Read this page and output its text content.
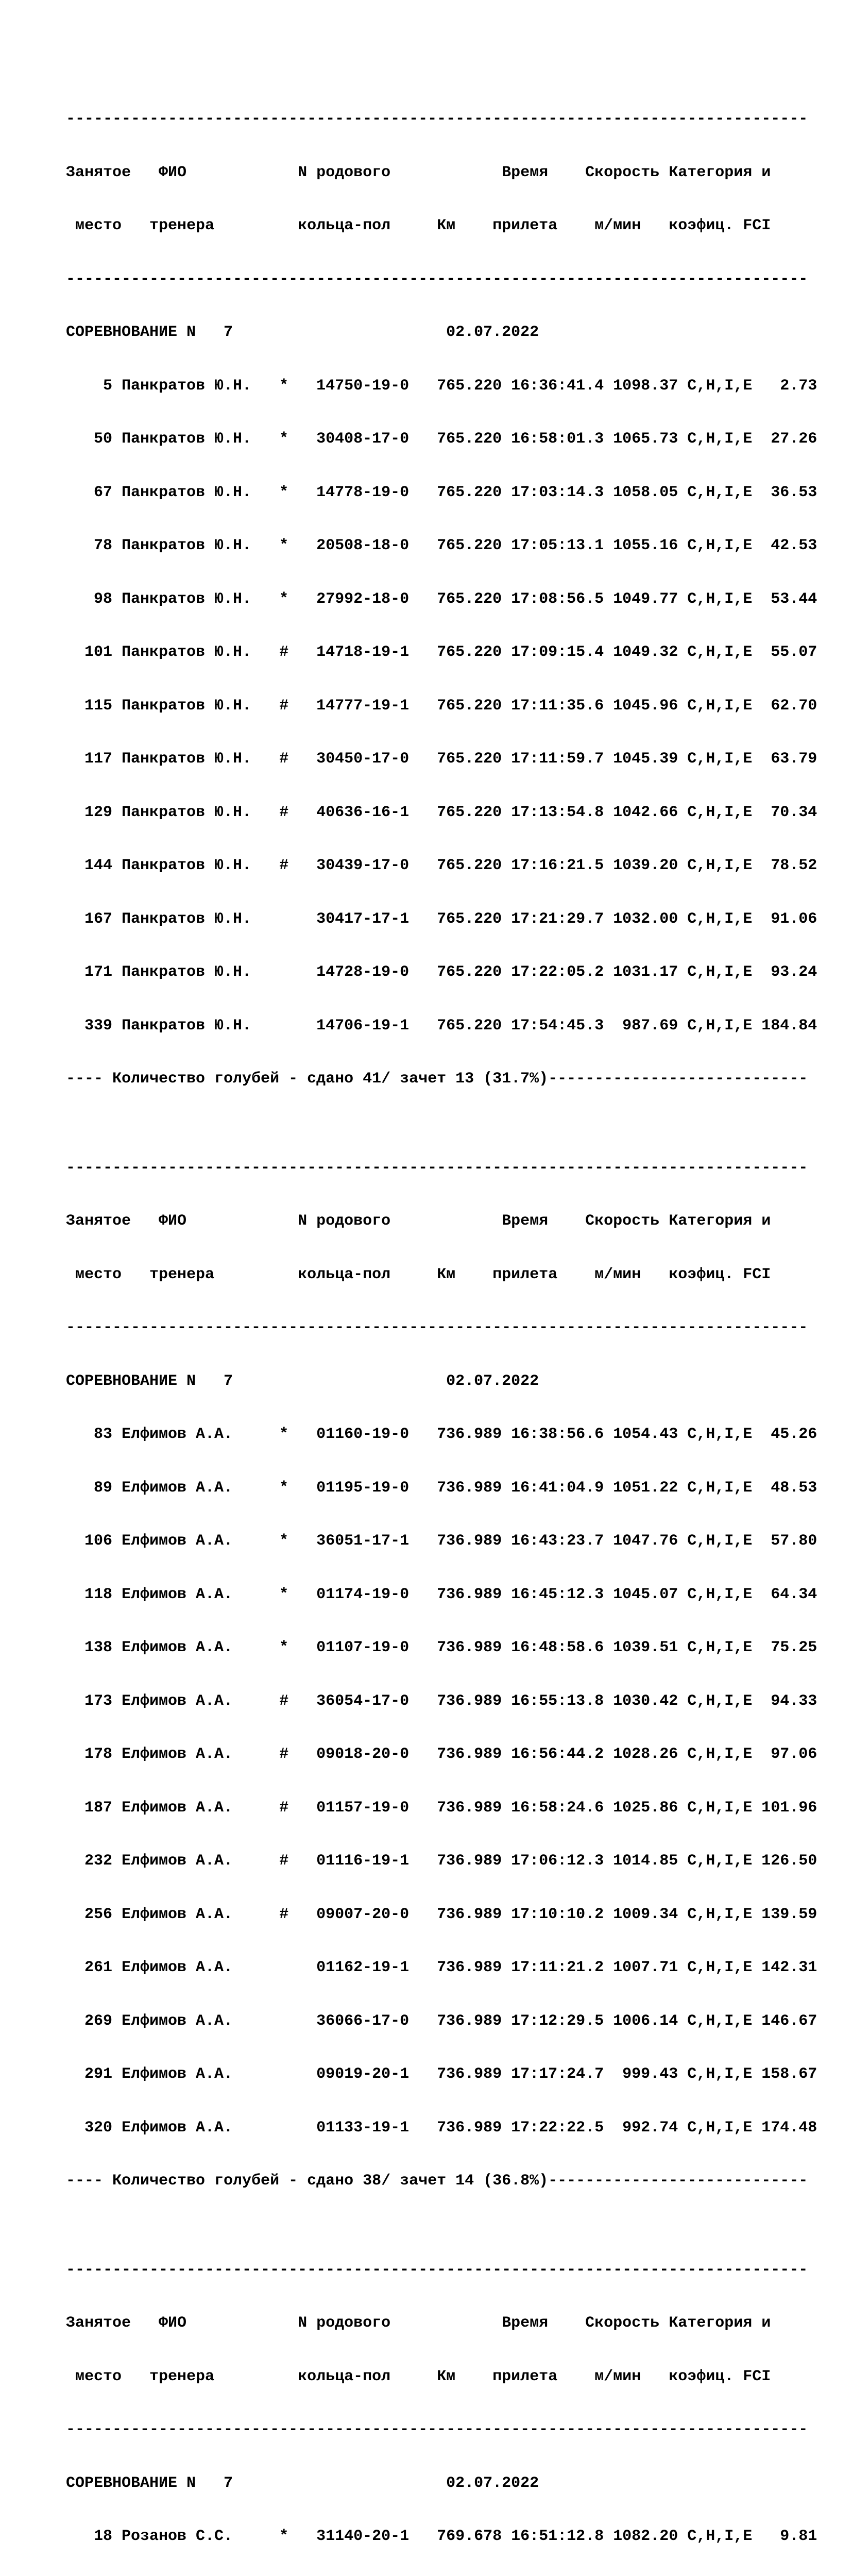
--------------------------------------------------------------------------------

Занятое   ФИО            N родового            Время    Скорость Категория и

место   тренера         кольца-пол     Км    прилета    м/мин   коэфиц. FCI

--------------------------------------------------------------------------------

СОРЕВНОВАНИЕ N   7                       02.07.2022

5 Панкратов Ю.Н.   *   14750-19-0   765.220 16:36:41.4 1098.37 C,H,I,E   2.73

50 Панкратов Ю.Н.   *   30408-17-0   765.220 16:58:01.3 1065.73 C,H,I,E  27.26

67 Панкратов Ю.Н.   *   14778-19-0   765.220 17:03:14.3 1058.05 C,H,I,E  36.53

78 Панкратов Ю.Н.   *   20508-18-0   765.220 17:05:13.1 1055.16 C,H,I,E  42.53

98 Панкратов Ю.Н.   *   27992-18-0   765.220 17:08:56.5 1049.77 C,H,I,E  53.44

101 Панкратов Ю.Н.   #   14718-19-1   765.220 17:09:15.4 1049.32 C,H,I,E  55.07

115 Панкратов Ю.Н.   #   14777-19-1   765.220 17:11:35.6 1045.96 C,H,I,E  62.70

117 Панкратов Ю.Н.   #   30450-17-0   765.220 17:11:59.7 1045.39 C,H,I,E  63.79

129 Панкратов Ю.Н.   #   40636-16-1   765.220 17:13:54.8 1042.66 C,H,I,E  70.34

144 Панкратов Ю.Н.   #   30439-17-0   765.220 17:16:21.5 1039.20 C,H,I,E  78.52

167 Панкратов Ю.Н.       30417-17-1   765.220 17:21:29.7 1032.00 C,H,I,E  91.06

171 Панкратов Ю.Н.       14728-19-0   765.220 17:22:05.2 1031.17 C,H,I,E  93.24

339 Панкратов Ю.Н.       14706-19-1   765.220 17:54:45.3  987.69 C,H,I,E 184.84

---- Количество голубей - сдано 41/ зачет 13 (31.7%)----------------------------

--------------------------------------------------------------------------------

Занятое   ФИО            N родового            Время    Скорость Категория и

место   тренера         кольца-пол     Км    прилета    м/мин   коэфиц. FCI

--------------------------------------------------------------------------------

СОРЕВНОВАНИЕ N   7                       02.07.2022

83 Елфимов А.А.     *   01160-19-0   736.989 16:38:56.6 1054.43 C,H,I,E  45.26

89 Елфимов А.А.     *   01195-19-0   736.989 16:41:04.9 1051.22 C,H,I,E  48.53

106 Елфимов А.А.     *   36051-17-1   736.989 16:43:23.7 1047.76 C,H,I,E  57.80

118 Елфимов А.А.     *   01174-19-0   736.989 16:45:12.3 1045.07 C,H,I,E  64.34

138 Елфимов А.А.     *   01107-19-0   736.989 16:48:58.6 1039.51 C,H,I,E  75.25

173 Елфимов А.А.     #   36054-17-0   736.989 16:55:13.8 1030.42 C,H,I,E  94.33

178 Елфимов А.А.     #   09018-20-0   736.989 16:56:44.2 1028.26 C,H,I,E  97.06

187 Елфимов А.А.     #   01157-19-0   736.989 16:58:24.6 1025.86 C,H,I,E 101.96

232 Елфимов А.А.     #   01116-19-1   736.989 17:06:12.3 1014.85 C,H,I,E 126.50

256 Елфимов А.А.     #   09007-20-0   736.989 17:10:10.2 1009.34 C,H,I,E 139.59

261 Елфимов А.А.         01162-19-1   736.989 17:11:21.2 1007.71 C,H,I,E 142.31

269 Елфимов А.А.         36066-17-0   736.989 17:12:29.5 1006.14 C,H,I,E 146.67

291 Елфимов А.А.         09019-20-1   736.989 17:17:24.7  999.43 C,H,I,E 158.67

320 Елфимов А.А.         01133-19-1   736.989 17:22:22.5  992.74 C,H,I,E 174.48

---- Количество голубей - сдано 38/ зачет 14 (36.8%)----------------------------

--------------------------------------------------------------------------------

Занятое   ФИО            N родового            Время    Скорость Категория и

место   тренера         кольца-пол     Км    прилета    м/мин   коэфиц. FCI

--------------------------------------------------------------------------------

СОРЕВНОВАНИЕ N   7                       02.07.2022

18 Розанов С.С.     *   31140-20-1   769.678 16:51:12.8 1082.20 C,H,I,E   9.81
